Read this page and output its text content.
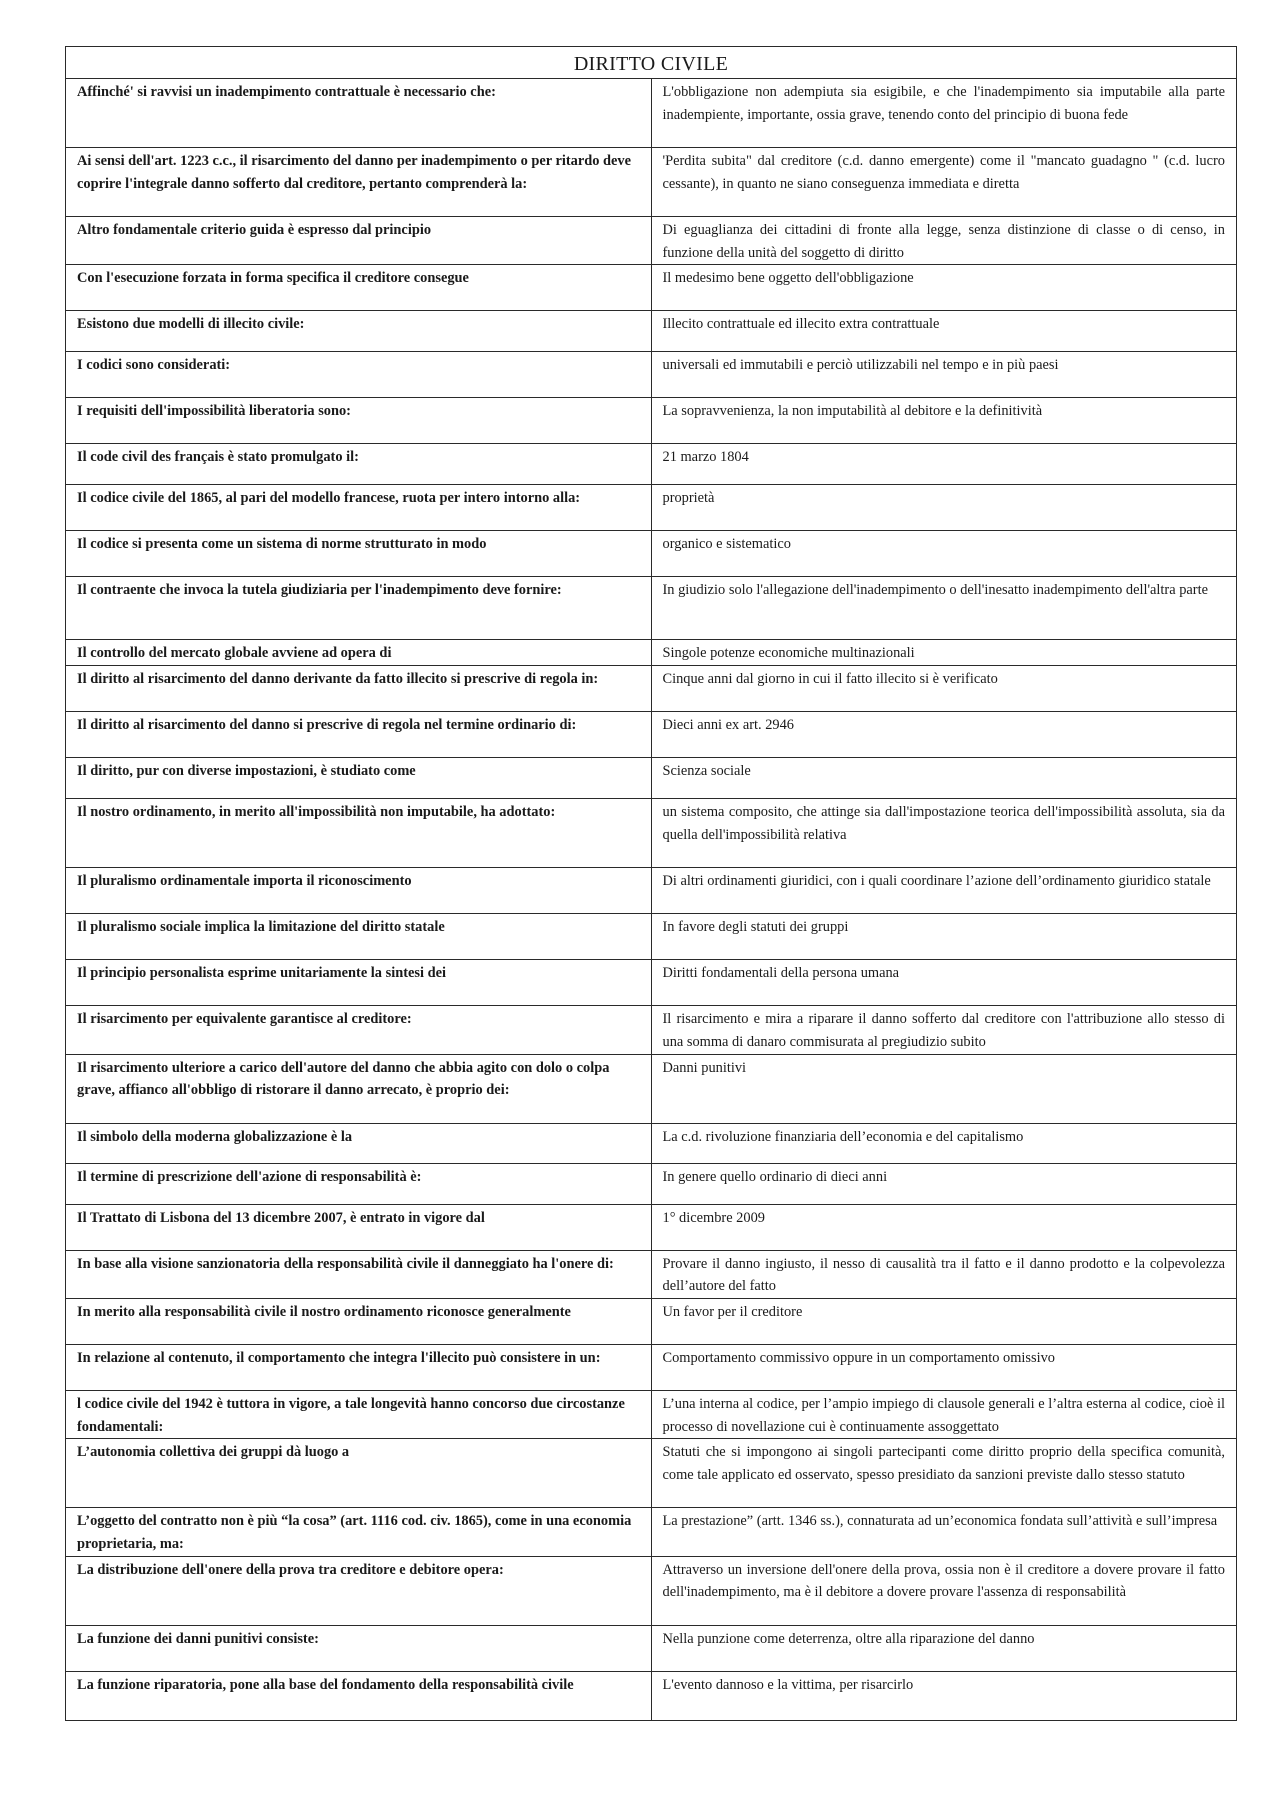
DIRITTO CIVILE	
Affinché' si ravvisi un inadempimento contrattuale è necessario che:	L'obbligazione non adempiuta sia esigibile, e che l'inadempimento sia imputabile alla parte inadempiente, importante, ossia grave, tenendo conto del principio di buona fede
Ai sensi dell'art. 1223 c.c., il risarcimento del danno per inadempimento o per ritardo deve coprire l'integrale danno sofferto dal creditore, pertanto comprenderà la:	'Perdita subita" dal creditore (c.d. danno emergente) come il "mancato guadagno " (c.d. lucro cessante), in quanto ne siano conseguenza immediata e diretta
Altro fondamentale criterio guida è espresso dal principio	Di eguaglianza dei cittadini di fronte alla legge, senza distinzione di classe o di censo, in funzione della unità del soggetto di diritto
Con l'esecuzione forzata in forma specifica il creditore consegue	Il medesimo bene oggetto dell'obbligazione
Esistono due modelli di illecito civile:	Illecito contrattuale ed illecito extra contrattuale
I codici sono considerati:	universali ed immutabili e perciò utilizzabili nel tempo e in più paesi
I requisiti dell'impossibilità liberatoria sono:	La sopravvenienza, la non imputabilità al debitore e la definitività
Il code civil des français è stato promulgato il:	21 marzo 1804
Il codice civile del 1865, al pari del modello francese, ruota per intero intorno alla:	proprietà
Il codice si presenta come un sistema di norme strutturato in modo	organico e sistematico
Il contraente che invoca la tutela giudiziaria per l'inadempimento deve fornire:	In giudizio solo l'allegazione dell'inadempimento o dell'inesatto inadempimento dell'altra parte
Il controllo del mercato globale avviene ad opera di	Singole potenze economiche multinazionali
Il diritto al risarcimento del danno derivante da fatto illecito si prescrive di regola in:	Cinque anni dal giorno in cui il fatto illecito si è verificato
Il diritto al risarcimento del danno si prescrive di regola nel termine ordinario di:	Dieci anni ex art. 2946
Il diritto, pur con diverse impostazioni, è studiato come	Scienza sociale
Il nostro ordinamento, in merito all'impossibilità non imputabile, ha adottato:	un sistema composito, che attinge sia dall'impostazione teorica dell'impossibilità assoluta, sia da quella dell'impossibilità relativa
Il pluralismo ordinamentale importa il riconoscimento	Di altri ordinamenti giuridici, con i quali coordinare l’azione dell’ordinamento giuridico statale
Il pluralismo sociale implica la limitazione del diritto statale	In favore degli statuti dei gruppi
Il principio personalista esprime unitariamente la sintesi dei	Diritti fondamentali della persona umana
Il risarcimento per equivalente garantisce al creditore:	Il risarcimento e mira a riparare il danno sofferto dal creditore con l'attribuzione allo stesso di una somma di danaro commisurata al pregiudizio subito
Il risarcimento ulteriore a carico dell'autore del danno che abbia agito con dolo o colpa grave, affianco all'obbligo di ristorare il danno arrecato, è proprio dei:	Danni punitivi
Il simbolo della moderna globalizzazione è la	La c.d. rivoluzione finanziaria dell’economia e del capitalismo
Il termine di prescrizione dell'azione di responsabilità è:	In genere quello ordinario di dieci anni
Il Trattato di Lisbona del 13 dicembre 2007, è entrato in vigore dal	1° dicembre 2009
In base alla visione sanzionatoria della responsabilità civile il danneggiato ha l'onere di:	Provare il danno ingiusto, il nesso di causalità tra il fatto e il danno prodotto e la colpevolezza dell’autore del fatto
In merito alla responsabilità civile il nostro ordinamento riconosce generalmente	Un favor per il creditore
In relazione al contenuto, il comportamento che integra l'illecito può consistere in un:	Comportamento commissivo oppure in un comportamento omissivo
l codice civile del 1942 è tuttora in vigore, a tale longevità hanno concorso due circostanze fondamentali:	L’una interna al codice, per l’ampio impiego di clausole generali e l’altra esterna al codice, cioè il processo di novellazione cui è continuamente assoggettato
L’autonomia collettiva dei gruppi dà luogo a	Statuti che si impongono ai singoli partecipanti come diritto proprio della specifica comunità, come tale applicato ed osservato, spesso presidiato da sanzioni previste dallo stesso statuto
L’oggetto del contratto non è più “la cosa” (art. 1116 cod. civ. 1865), come in una economia proprietaria, ma:	La prestazione” (artt. 1346 ss.), connaturata ad un’economica fondata sull’attività e sull’impresa
La distribuzione dell'onere della prova tra creditore e debitore opera:	Attraverso un inversione dell'onere della prova, ossia non è il creditore a dovere provare il fatto dell'inadempimento, ma è il debitore a dovere provare l'assenza di responsabilità
La funzione dei danni punitivi consiste:	Nella punzione come deterrenza, oltre alla riparazione del danno
La funzione riparatoria, pone alla base del fondamento della responsabilità civile	L'evento dannoso e la vittima, per risarcirlo
